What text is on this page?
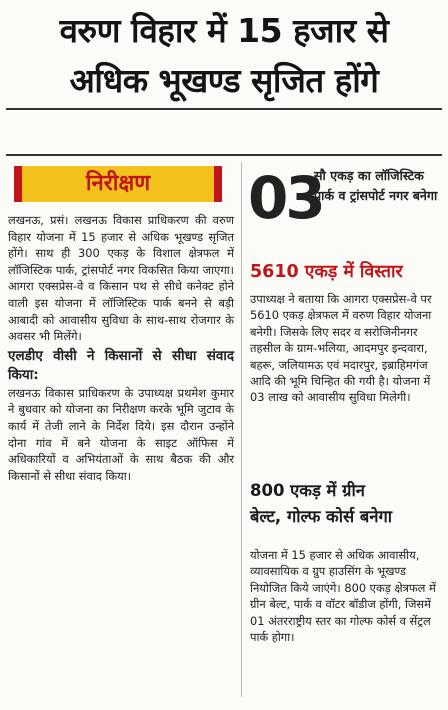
वरुण विहार में 15 हजार से
अधिक भूखण्ड सृजित होंगे
निरीक्षण

लखनऊ, प्रसं। लखनऊ विकास प्राधिकरण की वरुण विहार योजना में 15 हजार से अधिक भूखण्ड सृजित होंगे। साथ ही 300 एकड़ के विशाल क्षेत्रफल में लॉजिस्टिक पार्क, ट्रांसपोर्ट नगर विकसित किया जाएगा। आगरा एक्सप्रेस-वे व किसान पथ से सीधे कनेक्ट होने वाली इस योजना में लॉजिस्टिक पार्क बनने से बड़ी आबादी को आवासीय सुविधा के साथ-साथ रोजगार के अवसर भी मिलेंगे।

एलडीए वीसी ने किसानों से सीधा संवाद किया:

लखनऊ विकास प्राधिकरण के उपाध्यक्ष प्रथमेश कुमार ने बुधवार को योजना का निरीक्षण करके भूमि जुटाव के कार्य में तेजी लाने के निर्देश दिये। इस दौरान उन्होंने दोना गांव में बने योजना के साइट ऑफिस में अधिकारियों व अभियंताओं के साथ बैठक की और किसानों से सीधा संवाद किया।

03
सौ एकड़ का लॉजिस्टिक पार्क व ट्रांसपोर्ट नगर बनेगा
5610 एकड़ में विस्तार
उपाध्यक्ष ने बताया कि आगरा एक्सप्रेस-वे पर 5610 एकड़ क्षेत्रफल में वरुण विहार योजना बनेगी। जिसके लिए सदर व सरोजिनीनगर तहसील के ग्राम-भलिया, आदमपुर इन्दवारा, बहरू, जलियामऊ एवं मदारपुर, इब्राहिमगंज आदि की भूमि चिन्हित की गयी है। योजना में 03 लाख को आवासीय सुविधा मिलेगी।
800 एकड़ में ग्रीन
बेल्ट, गोल्फ कोर्स बनेगा
योजना में 15 हजार से अधिक आवासीय, व्यावसायिक व ग्रुप हाउसिंग के भूखण्ड नियोजित किये जाएंगे। 800 एकड़ क्षेत्रफल में ग्रीन बेल्ट, पार्क व वॉटर बॉडीज होंगी, जिसमें 01 अंतरराष्ट्रीय स्तर का गोल्फ कोर्स व सेंट्रल पार्क होगा।
